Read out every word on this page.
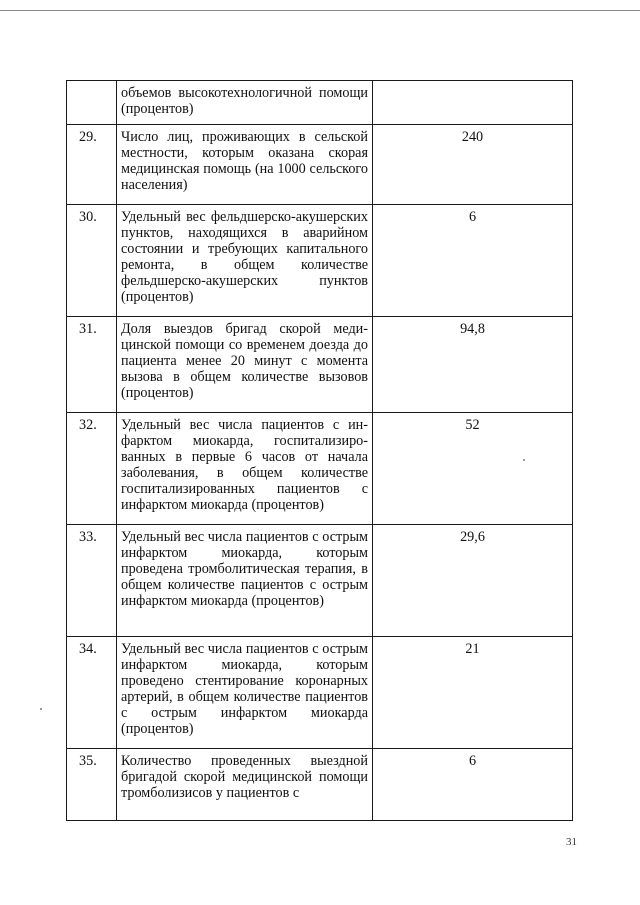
	объемов высокотехнологичной помощи (процентов)	
29.	Число лиц, проживающих в сельской местности, которым оказана скорая медицинская помощь (на 1000 сельского населения)	240
30.	Удельный вес фельдшерско-акушерских пунктов, находящихся в аварийном состоянии и требующих капитального ремонта, в общем количестве фельдшерско-акушерских пунктов (процентов)	6
31.	Доля выездов бригад скорой медицинской помощи со временем доезда до пациента менее 20 минут с момента вызова в общем количестве вызовов (процентов)	94,8
32.	Удельный вес числа пациентов с инфарктом миокарда, госпитализированных в первые 6 часов от начала заболевания, в общем количестве госпитализированных пациентов с инфарктом миокарда (процентов)	52
33.	Удельный вес числа пациентов с острым инфарктом миокарда, которым проведена тромболитическая терапия, в общем количестве пациентов с острым инфарктом миокарда (процентов)	29,6
34.	Удельный вес числа пациентов с острым инфарктом миокарда, которым проведено стентирование коронарных артерий, в общем количестве пациентов с острым инфарктом миокарда (процентов)	21
35.	Количество проведенных выездной бригадой скорой медицинской помощи тромболизисов у пациентов с	6
31
